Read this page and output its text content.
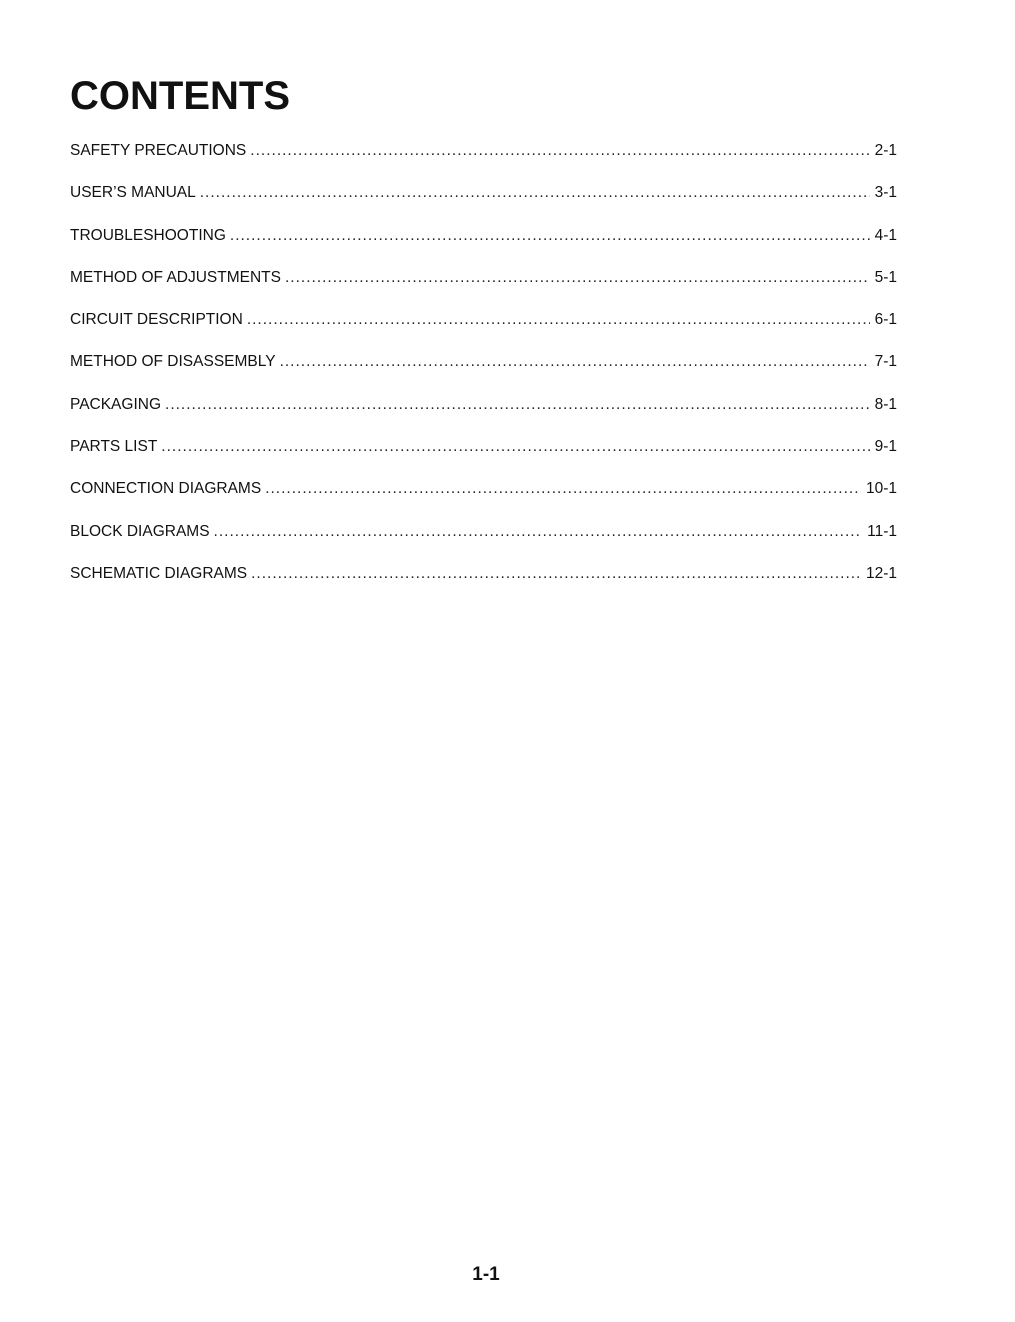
CONTENTS
SAFETY PRECAUTIONS .....	2-1
USER’S MANUAL .....	3-1
TROUBLESHOOTING .....	4-1
METHOD OF ADJUSTMENTS .....	5-1
CIRCUIT DESCRIPTION .....	6-1
METHOD OF DISASSEMBLY .....	7-1
PACKAGING .....	8-1
PARTS LIST .....	9-1
CONNECTION DIAGRAMS .....	10-1
BLOCK DIAGRAMS .....	11-1
SCHEMATIC DIAGRAMS .....	12-1
1-1
